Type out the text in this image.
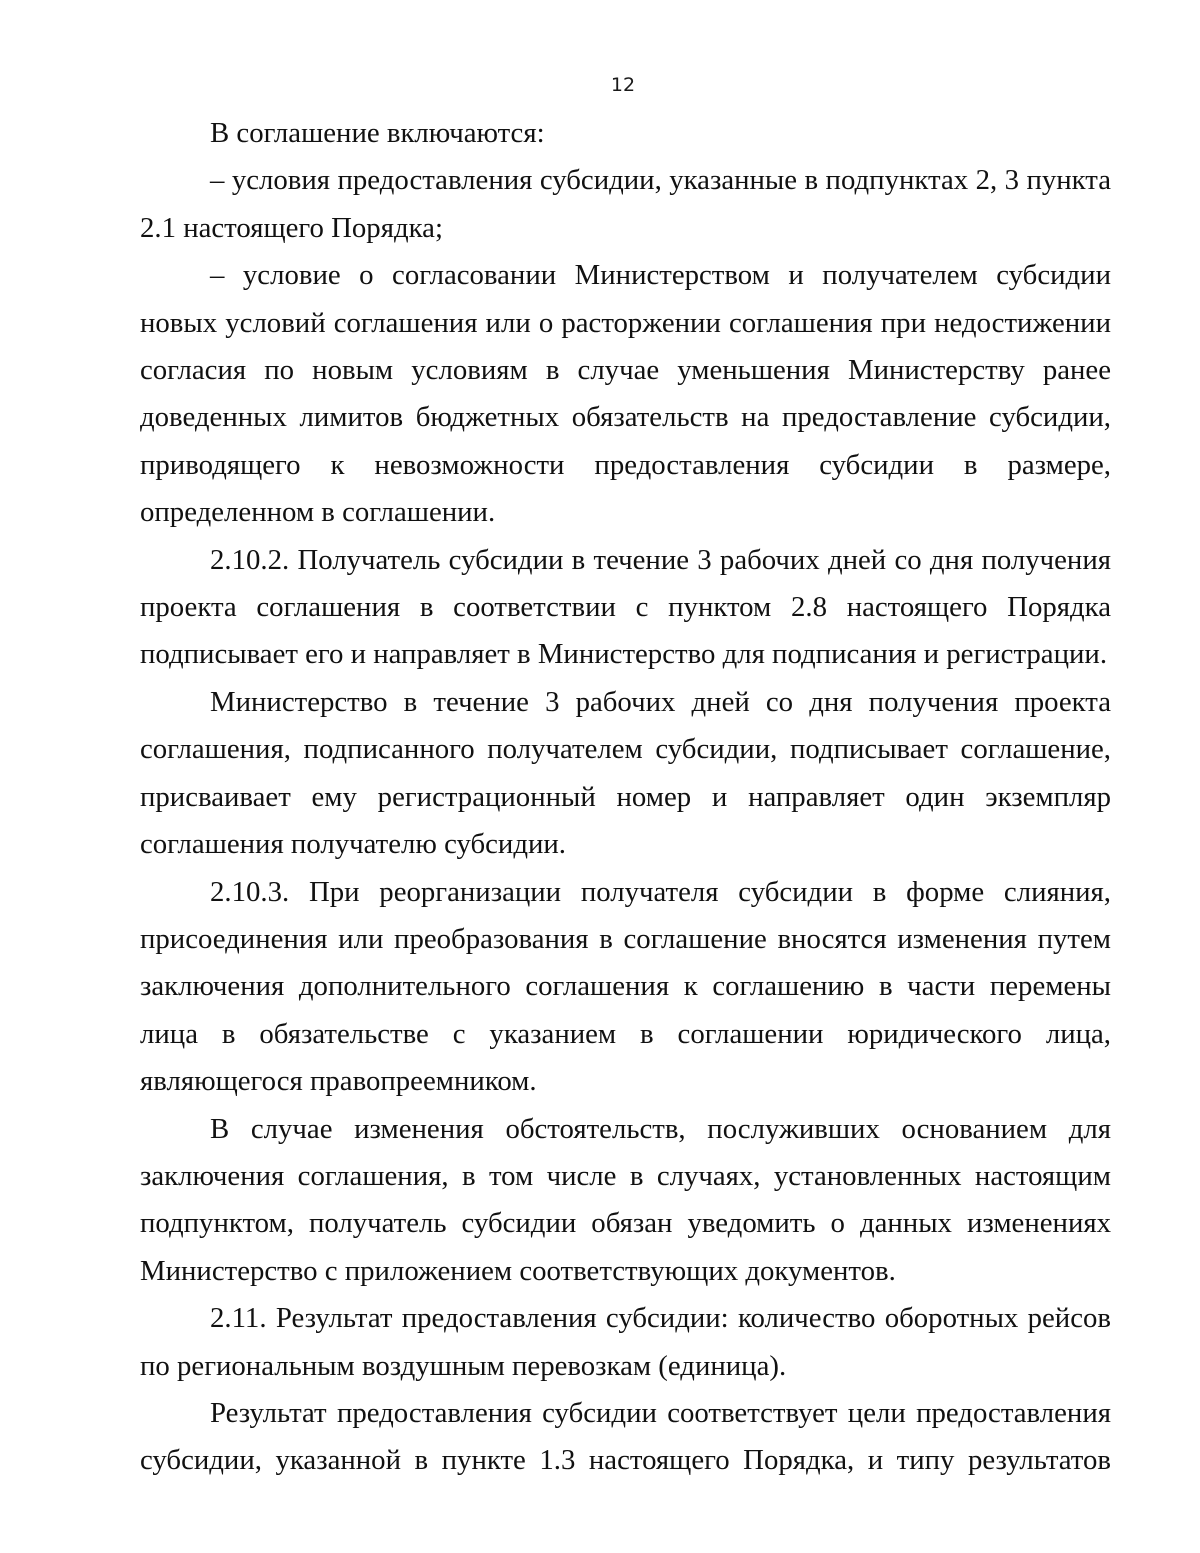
12

В соглашение включаются:

– условия предоставления субсидии, указанные в подпунктах 2, 3 пункта 2.1 настоящего Порядка;

– условие о согласовании Министерством и получателем субсидии новых условий соглашения или о расторжении соглашения при недостижении согласия по новым условиям в случае уменьшения Министерству ранее доведенных лимитов бюджетных обязательств на предоставление субсидии, приводящего к невозможности предоставления субсидии в размере, определенном в соглашении.

2.10.2. Получатель субсидии в течение 3 рабочих дней со дня получения проекта соглашения в соответствии с пунктом 2.8 настоящего Порядка подписывает его и направляет в Министерство для подписания и регистрации.

Министерство в течение 3 рабочих дней со дня получения проекта соглашения, подписанного получателем субсидии, подписывает соглашение, присваивает ему регистрационный номер и направляет один экземпляр соглашения получателю субсидии.

2.10.3. При реорганизации получателя субсидии в форме слияния, присоединения или преобразования в соглашение вносятся изменения путем заключения дополнительного соглашения к соглашению в части перемены лица в обязательстве с указанием в соглашении юридического лица, являющегося правопреемником.

В случае изменения обстоятельств, послуживших основанием для заключения соглашения, в том числе в случаях, установленных настоящим подпунктом, получатель субсидии обязан уведомить о данных изменениях Министерство с приложением соответствующих документов.

2.11. Результат предоставления субсидии: количество оборотных рейсов по региональным воздушным перевозкам (единица).

Результат предоставления субсидии соответствует цели предоставления субсидии, указанной в пункте 1.3 настоящего Порядка, и типу результатов
